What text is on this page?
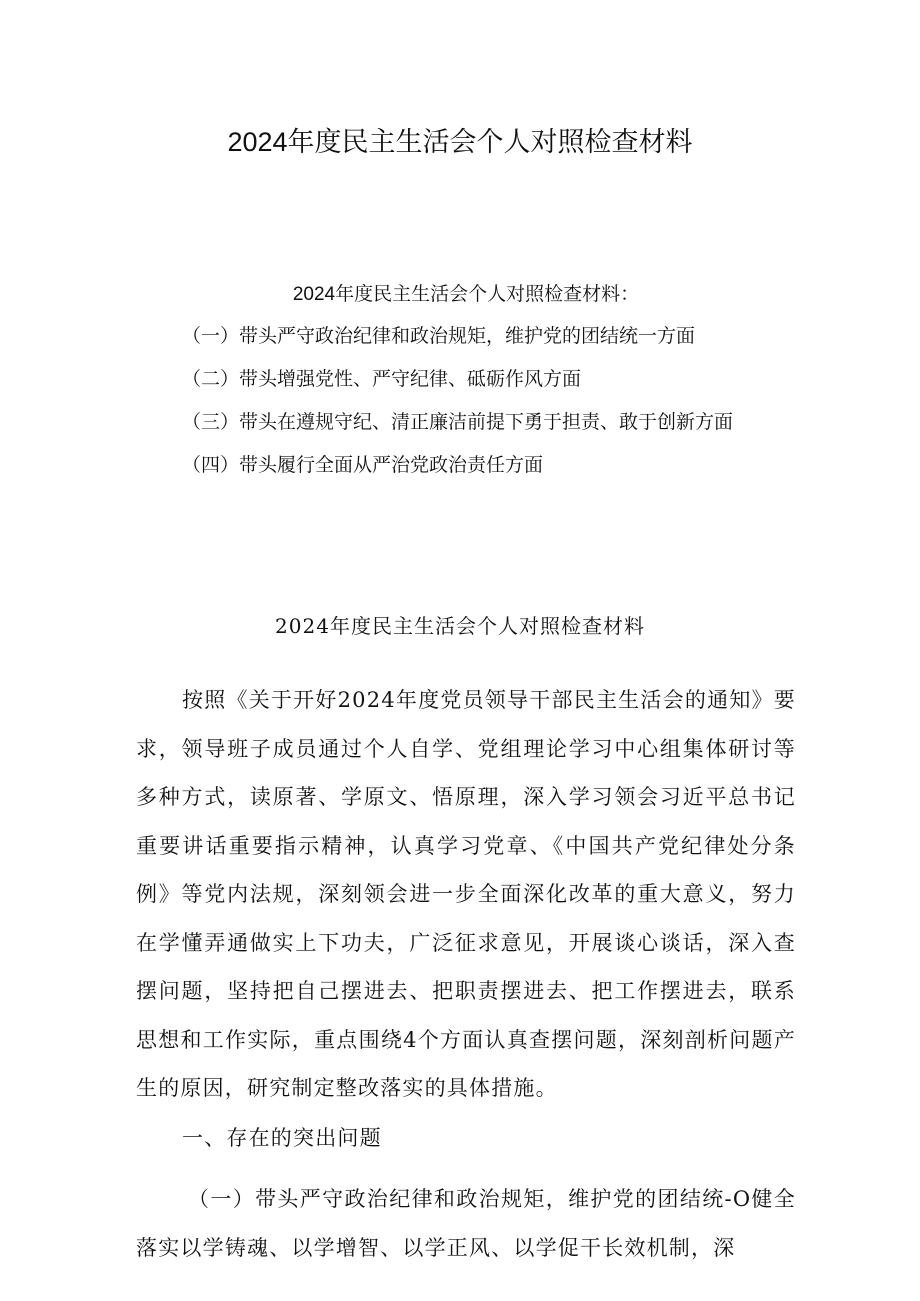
2024年度民主生活会个人对照检查材料
2024年度民主生活会个人对照检查材料：
（一）带头严守政治纪律和政治规矩，维护党的团结统一方面
（二）带头增强党性、严守纪律、砥砺作风方面
（三）带头在遵规守纪、清正廉洁前提下勇于担责、敢于创新方面
（四）带头履行全面从严治党政治责任方面
2024年度民主生活会个人对照检查材料

按照《关于开好2024年度党员领导干部民主生活会的通知》要求，领导班子成员通过个人自学、党组理论学习中心组集体研讨等多种方式，读原著、学原文、悟原理，深入学习领会习近平总书记重要讲话重要指示精神，认真学习党章、《中国共产党纪律处分条例》等党内法规，深刻领会进一步全面深化改革的重大意义，努力在学懂弄通做实上下功夫，广泛征求意见，开展谈心谈话，深入查摆问题，坚持把自己摆进去、把职责摆进去、把工作摆进去，联系思想和工作实际，重点围绕4个方面认真查摆问题，深刻剖析问题产生的原因，研究制定整改落实的具体措施。

一、存在的突出问题

（一）带头严守政治纪律和政治规矩，维护党的团结统-O健全落实以学铸魂、以学增智、以学正风、以学促干长效机制，深
